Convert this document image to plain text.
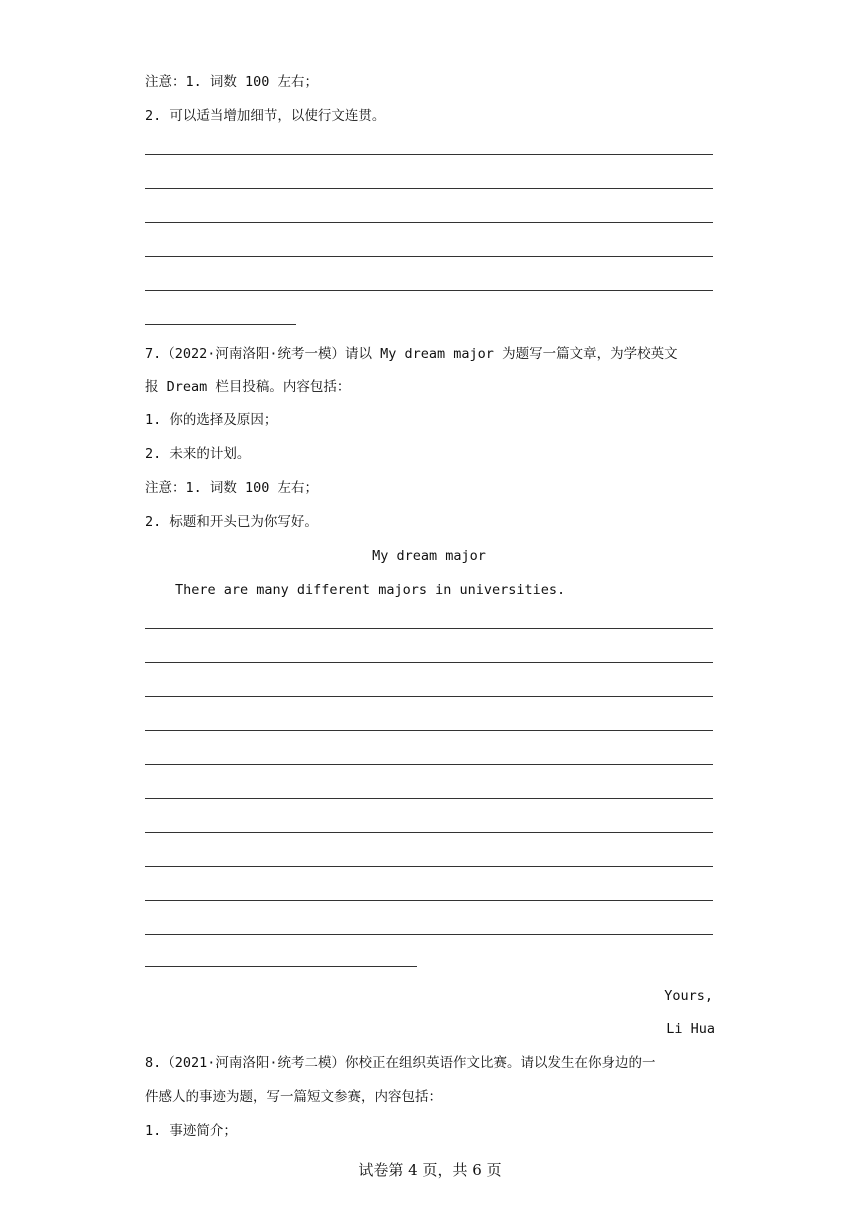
注意：1. 词数 100 左右；
2. 可以适当增加细节，以使行文连贯。
7.（2022·河南洛阳·统考一模）请以 My dream major 为题写一篇文章，为学校英文
报 Dream 栏目投稿。内容包括：
1. 你的选择及原因；
2. 未来的计划。
注意：1. 词数 100 左右；
2. 标题和开头已为你写好。
My dream major
There are many different majors in universities.
Yours,
Li Hua
8.（2021·河南洛阳·统考二模）你校正在组织英语作文比赛。请以发生在你身边的一
件感人的事迹为题，写一篇短文参赛，内容包括：
1. 事迹简介；
试卷第 4 页，共 6 页
